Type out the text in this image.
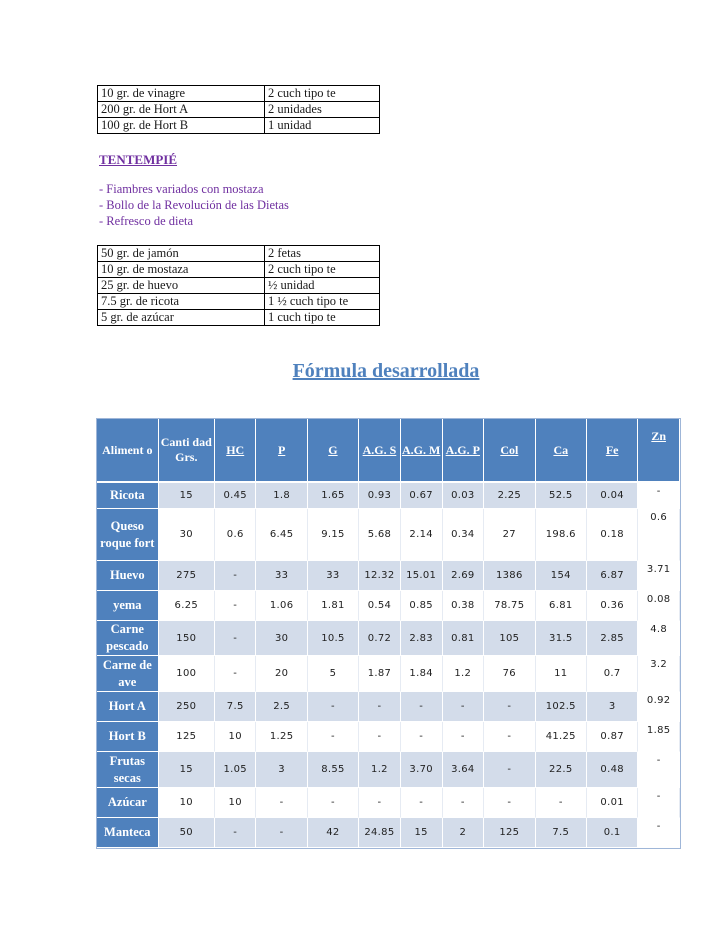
10 gr. de vinagre	2 cuch tipo te
200 gr. de Hort A	2 unidades
100 gr. de Hort B	1 unidad
TENTEMPIÉ
- Fiambres variados con mostaza
- Bollo de la Revolución de las Dietas
- Refresco de dieta
50 gr. de jamón	2 fetas
10 gr. de mostaza	2 cuch tipo te
25 gr. de huevo	½ unidad
7.5 gr. de ricota	1 ½ cuch tipo te
5 gr. de azúcar	1 cuch tipo te
Fórmula desarrollada
Aliment o	Canti dad Grs.	HC	P	G	A.G. S	A.G. M	A.G. P	Col	Ca	Fe	Zn
Ricota	15	0.45	1.8	1.65	0.93	0.67	0.03	2.25	52.5	0.04	-
Queso roque fort	30	0.6	6.45	9.15	5.68	2.14	0.34	27	198.6	0.18	0.6
Huevo	275	-	33	33	12.32	15.01	2.69	1386	154	6.87	3.71
yema	6.25	-	1.06	1.81	0.54	0.85	0.38	78.75	6.81	0.36	0.08
Carne pescado	150	-	30	10.5	0.72	2.83	0.81	105	31.5	2.85	4.8
Carne de ave	100	-	20	5	1.87	1.84	1.2	76	11	0.7	3.2
Hort A	250	7.5	2.5	-	-	-	-	-	102.5	3	0.92
Hort B	125	10	1.25	-	-	-	-	-	41.25	0.87	1.85
Frutas secas	15	1.05	3	8.55	1.2	3.70	3.64	-	22.5	0.48	-
Azúcar	10	10	-	-	-	-	-	-	-	0.01	-
Manteca	50	-	-	42	24.85	15	2	125	7.5	0.1	-
